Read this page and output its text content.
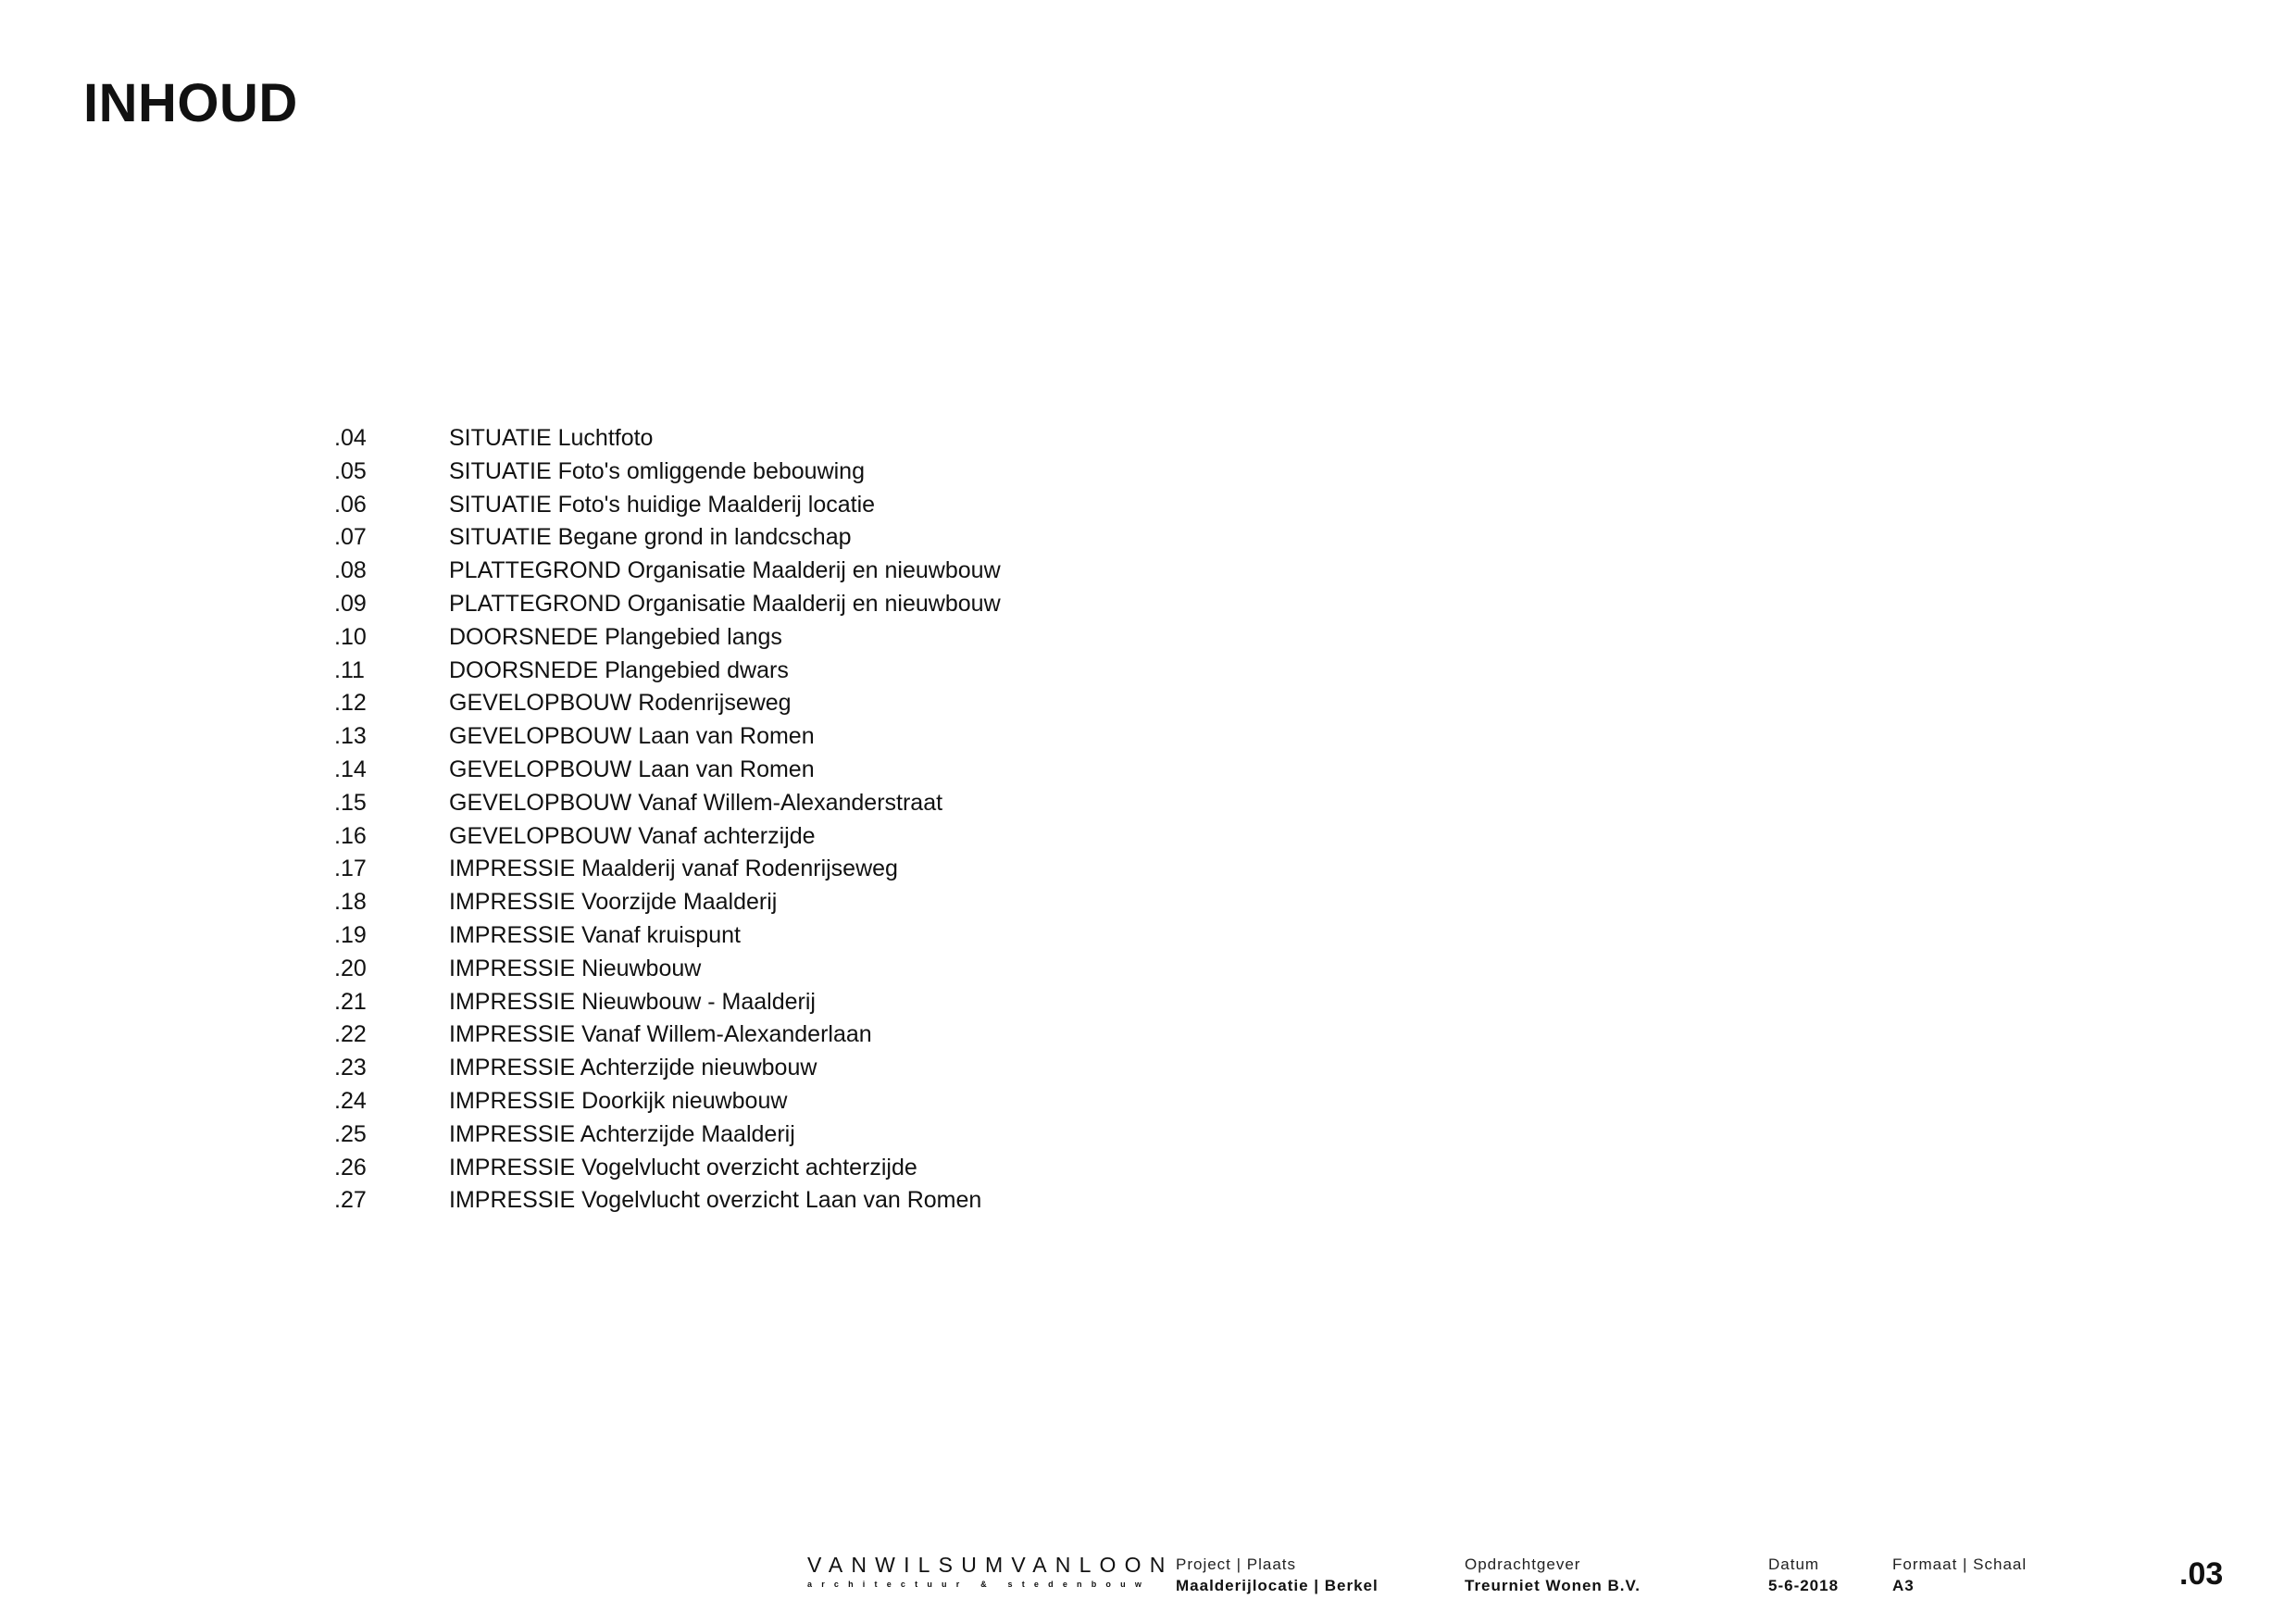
INHOUD
.04	SITUATIE Luchtfoto
.05	SITUATIE Foto's omliggende bebouwing
.06	SITUATIE Foto's huidige Maalderij locatie
.07	SITUATIE Begane grond in landcschap
.08	PLATTEGROND Organisatie Maalderij en nieuwbouw
.09	PLATTEGROND Organisatie Maalderij en nieuwbouw
.10	DOORSNEDE Plangebied langs
.11	DOORSNEDE Plangebied dwars
.12	GEVELOPBOUW Rodenrijseweg
.13	GEVELOPBOUW Laan van Romen
.14	GEVELOPBOUW Laan van Romen
.15	GEVELOPBOUW Vanaf Willem-Alexanderstraat
.16	GEVELOPBOUW Vanaf achterzijde
.17	IMPRESSIE Maalderij vanaf Rodenrijseweg
.18	IMPRESSIE Voorzijde Maalderij
.19	IMPRESSIE Vanaf kruispunt
.20	IMPRESSIE Nieuwbouw
.21	IMPRESSIE Nieuwbouw - Maalderij
.22	IMPRESSIE Vanaf Willem-Alexanderlaan
.23	IMPRESSIE Achterzijde nieuwbouw
.24	IMPRESSIE Doorkijk nieuwbouw
.25	IMPRESSIE Achterzijde Maalderij
.26	IMPRESSIE Vogelvlucht overzicht achterzijde
.27	IMPRESSIE Vogelvlucht overzicht Laan van Romen
VANWILSUMVANLOON
architectuur & stedenbouw
Project | Plaats
Maalderijlocatie | Berkel
Opdrachtgever
Treurniet Wonen B.V.
Datum
5-6-2018
Formaat | Schaal
A3	.03
